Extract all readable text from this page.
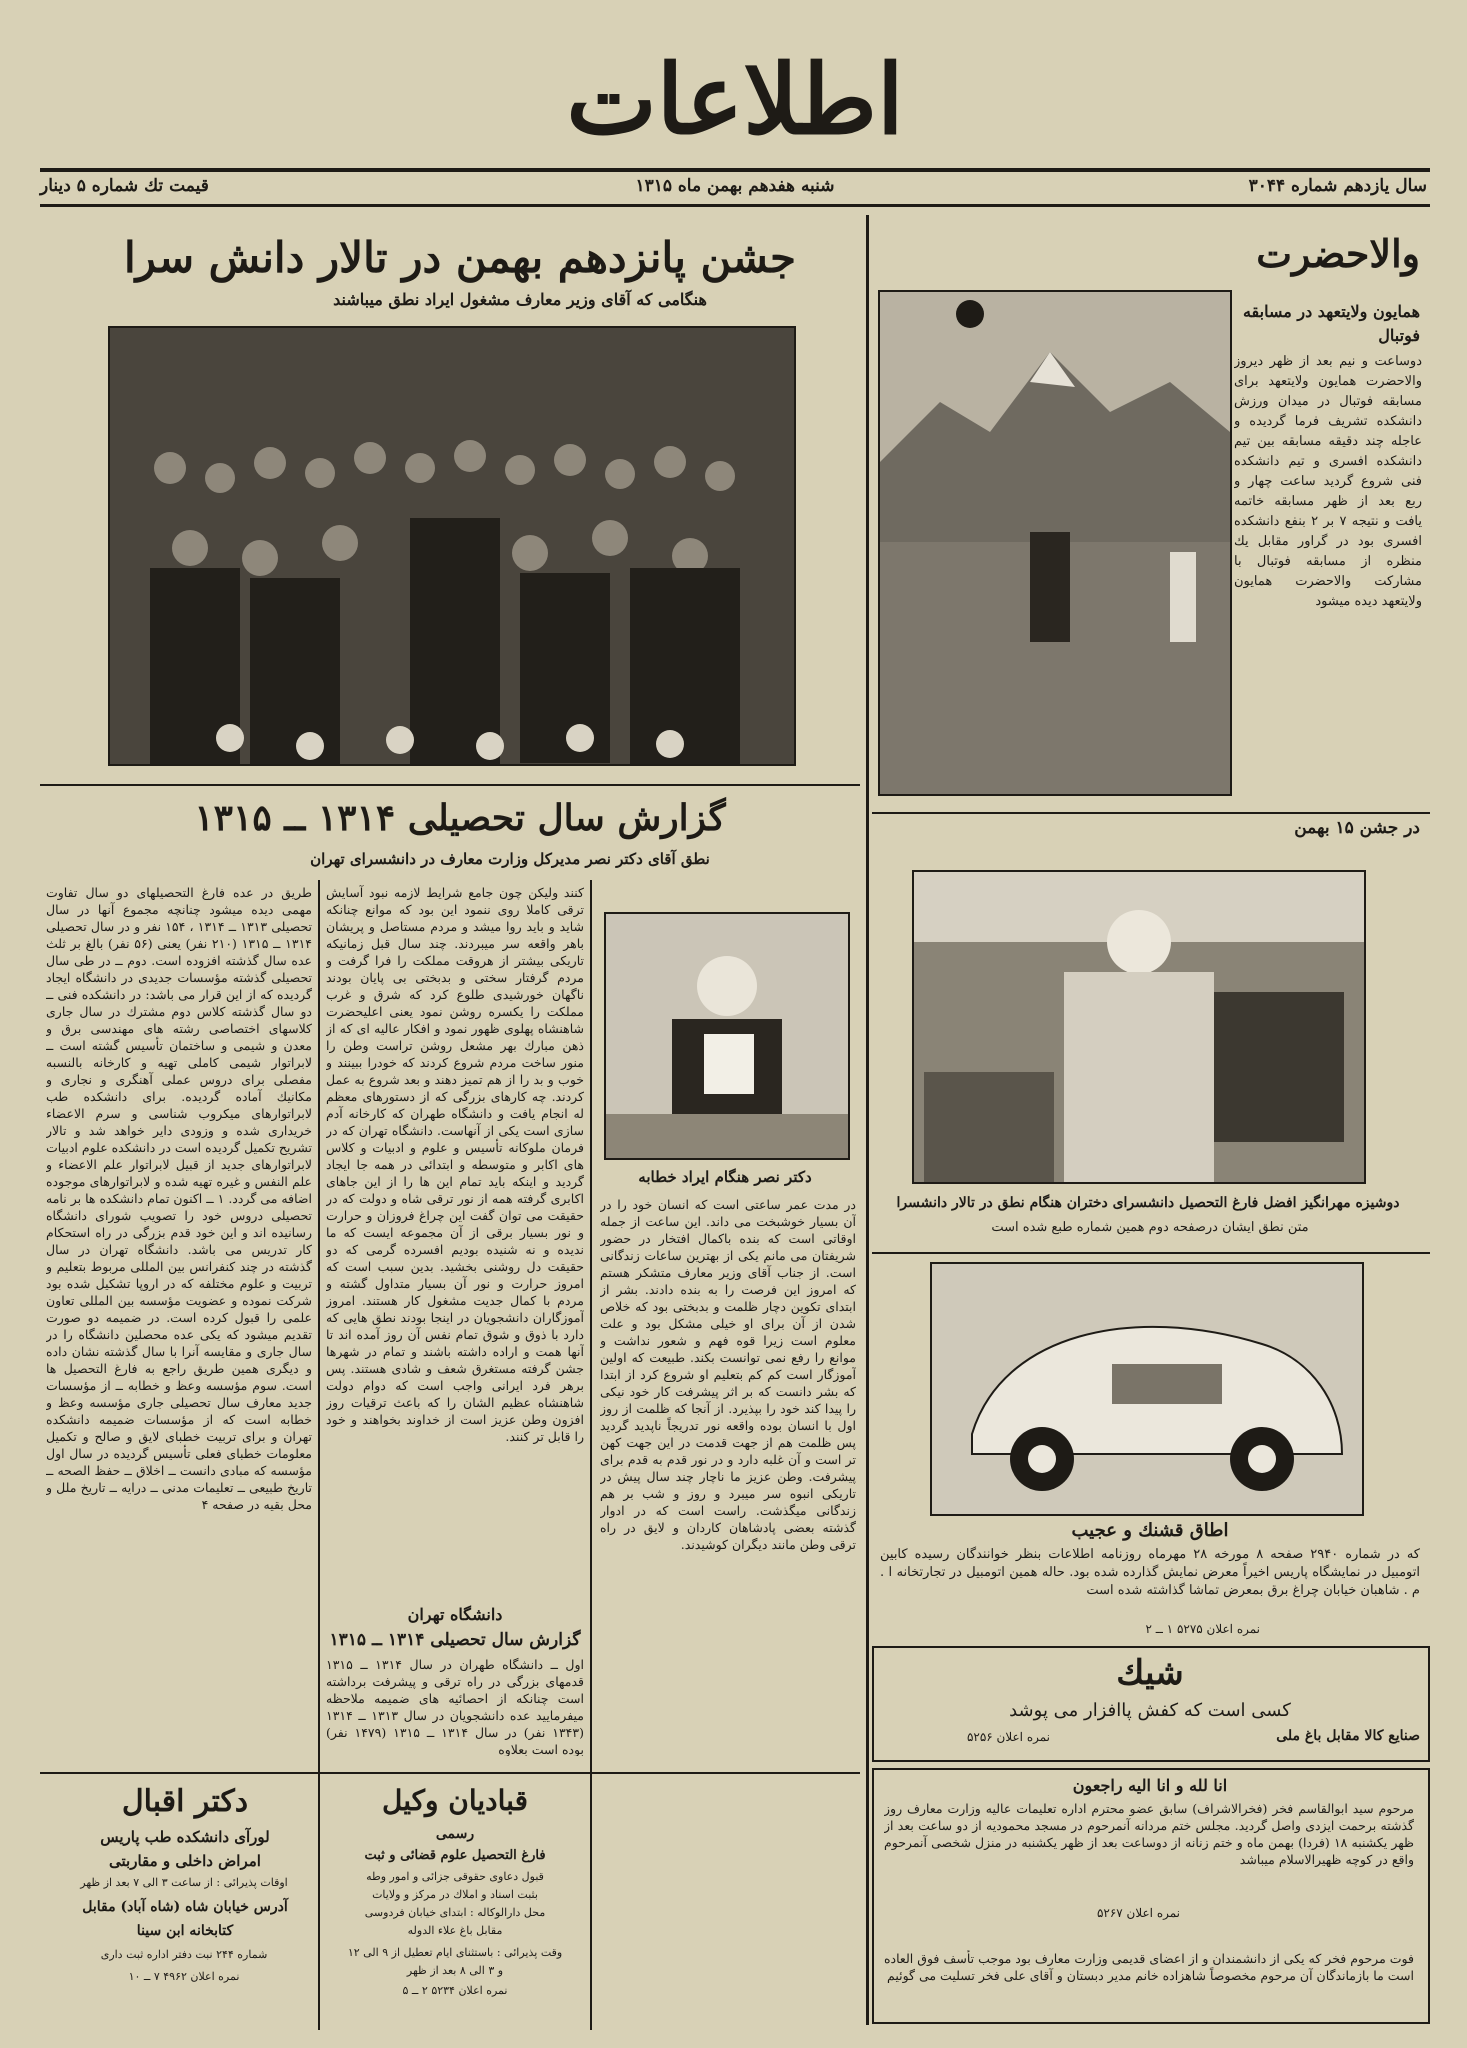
اطلاعات
سال یازدهم شماره ۳۰۴۴
شنبه هفدهم بهمن ماه ۱۳۱۵
قیمت تك شماره ۵ دینار
جشن پانزدهم بهمن در تالار دانش سرا
هنگامی که آقای وزیر معارف مشغول ایراد نطق میباشند
والاحضرت
همایون ولایتعهد در مسابقه فوتبال
دوساعت و نیم بعد از ظهر دیروز والاحضرت همایون ولایتعهد برای مسابقه فوتبال در میدان ورزش دانشکده تشریف فرما گردیده و عاجله چند دقیقه مسابقه بین تیم دانشکده افسری و تیم دانشکده فنی شروع گردید ساعت چهار و ربع بعد از ظهر مسابقه خاتمه یافت و نتیجه ۷ بر ۲ بنفع دانشکده افسری بود در گراور مقابل یك منظره از مسابقه فوتبال با مشارکت والاحضرت همایون ولایتعهد دیده میشود
در جشن ۱۵ بهمن
دوشیزه مهرانگیز افضل فارغ التحصیل دانشسرای دختران هنگام نطق در تالار دانشسرا
متن نطق ایشان درصفحه دوم همین شماره طبع شده است
اطاق قشنك و عجیب
که در شماره ۲۹۴۰ صفحه ۸ مورخه ۲۸ مهرماه روزنامه اطلاعات بنظر خوانندگان رسیده کابین اتومبیل در نمایشگاه پاریس اخیراً معرض نمایش گذارده شده بود. حاله همین اتومبیل در تجارتخانه ا . م . شاهبان خیابان چراغ برق بمعرض تماشا گذاشته شده است
نمره اعلان ۵۲۷۵ ۱ ــ ۲
شیك
کسی است که کفش پاافزار می پوشد
صنایع کالا مقابل باغ ملی
نمره اعلان ۵۲۵۶
انا لله و انا الیه راجعون
مرحوم سید ابوالقاسم فخر (فخرالاشراف) سابق عضو محترم اداره تعلیمات عالیه وزارت معارف روز گذشته برحمت ایزدی واصل گردید. مجلس ختم مردانه آنمرحوم در مسجد محمودیه از دو ساعت بعد از ظهر یکشنبه ۱۸ (فردا) بهمن ماه و ختم زنانه از دوساعت بعد از ظهر یکشنبه در منزل شخصی آنمرحوم واقع در کوچه ظهیرالاسلام میباشد
نمره اعلان ۵۲۶۷
فوت مرحوم فخر که یکی از دانشمندان و از اعضای قدیمی وزارت معارف بود موجب تأسف فوق العاده است ما بازماندگان آن مرحوم مخصوصاً شاهزاده خانم مدیر دبستان و آقای علی فخر تسلیت می گوئیم
گزارش سال تحصیلی ۱۳۱۴ ــ ۱۳۱۵
نطق آقای دکتر نصر مدیرکل وزارت معارف در دانشسرای تهران
طریق در عده فارغ التحصیلهای دو سال تفاوت مهمی دیده میشود چنانچه مجموع آنها در سال تحصیلی ۱۳۱۳ ــ ۱۳۱۴ ، ۱۵۴ نفر و در سال تحصیلی ۱۳۱۴ ــ ۱۳۱۵ (۲۱۰ نفر) یعنی (۵۶ نفر) بالغ بر ثلث عده سال گذشته افزوده است. دوم ــ در طی سال تحصیلی گذشته مؤسسات جدیدی در دانشگاه ایجاد گردیده که از این قرار می باشد: در دانشکده فنی ــ دو سال گذشته کلاس دوم مشترك در سال جاری کلاسهای اختصاصی رشته های مهندسی برق و معدن و شیمی و ساختمان تأسیس گشته است ــ لابراتوار شیمی کاملی تهیه و کارخانه بالنسبه مفصلی برای دروس عملی آهنگری و نجاری و مکانیك آماده گردیده. برای دانشکده طب لابراتوارهای میکروب شناسی و سرم الاعضاء خریداری شده و وزودی دایر خواهد شد و تالار تشریح تکمیل گردیده است در دانشکده علوم ادبیات لابراتوارهای جدید از قبیل لابراتوار علم الاعضاء و علم النفس و غیره تهیه شده و لابراتوارهای موجوده اضافه می گردد. ۱ ــ اکنون تمام دانشکده ها بر نامه تحصیلی دروس خود را تصویب شورای دانشگاه رسانیده اند و این خود قدم بزرگی در راه استحکام کار تدریس می باشد. دانشگاه تهران در سال گذشته در چند کنفرانس بین المللی مربوط بتعلیم و تربیت و علوم مختلفه که در اروپا تشکیل شده بود شرکت نموده و عضویت مؤسسه بین المللی تعاون علمی را قبول کرده است. در ضمیمه دو صورت تقدیم میشود که یکی عده محصلین دانشگاه را در سال جاری و مقایسه آنرا با سال گذشته نشان داده و دیگری همین طریق راجع به فارغ التحصیل ها است. سوم مؤسسه وعظ و خطابه ــ از مؤسسات جدید معارف سال تحصیلی جاری مؤسسه وعظ و خطابه است که از مؤسسات ضمیمه دانشکده تهران و برای تربیت خطبای لایق و صالح و تکمیل معلومات خطبای فعلی تأسیس گردیده در سال اول مؤسسه که مبادی دانست ــ اخلاق ــ حفظ الصحه ــ تاریخ طبیعی ــ تعلیمات مدنی ــ درایه ــ تاریخ ملل و محل بقیه در صفحه ۴
کنند ولیکن چون جامع شرایط لازمه نبود آسایش ترقی کاملا روی ننمود این بود که موانع چنانکه شاید و باید روا میشد و مردم مستاصل و پریشان باهر واقعه سر میبردند. چند سال قبل زمانیکه تاریکی بیشتر از هروقت مملکت را فرا گرفت و مردم گرفتار سختی و بدبختی بی پایان بودند ناگهان خورشیدی طلوع کرد که شرق و غرب مملکت را یکسره روشن نمود یعنی اعلیحضرت شاهنشاه پهلوی ظهور نمود و افکار عالیه ای که از ذهن مبارك بهر مشعل روشن تراست وطن را منور ساخت مردم شروع کردند که خودرا ببینند و خوب و بد را از هم تمیز دهند و بعد شروع به عمل کردند. چه کارهای بزرگی که از دستورهای معظم له انجام یافت و دانشگاه طهران که کارخانه آدم سازی است یکی از آنهاست. دانشگاه تهران که در فرمان ملوکانه تأسیس و علوم و ادبیات و کلاس های اکابر و متوسطه و ابتدائی در همه جا ایجاد گردید و اینکه باید تمام این ها را از این جاهای اکابری گرفته همه از نور ترقی شاه و دولت که در حقیقت می توان گفت این چراغ فروزان و حرارت و نور بسیار برقی از آن مجموعه ایست که ما ندیده و نه شنیده بودیم افسرده گرمی که دو حقیقت دل روشنی بخشید. بدین سبب است که امروز حرارت و نور آن بسیار متداول گشته و مردم با کمال جدیت مشغول کار هستند. امروز آموزگاران دانشجویان در اینجا بودند نطق هایی که دارد با ذوق و شوق تمام نفس آن روز آمده اند تا آنها همت و اراده داشته باشند و تمام در شهرها جشن گرفته مستغرق شعف و شادی هستند. پس برهر فرد ایرانی واجب است که دوام دولت شاهنشاه عظیم الشان را که باعث ترقیات روز افزون وطن عزیز است از خداوند بخواهند و خود را قابل تر کنند.
دانشگاه تهران
گزارش سال تحصیلی ۱۳۱۴ ــ ۱۳۱۵
اول ــ دانشگاه طهران در سال ۱۳۱۴ ــ ۱۳۱۵ قدمهای بزرگی در راه ترقی و پیشرفت برداشته است چنانکه از احصائیه های ضمیمه ملاحظه میفرمایید عده دانشجویان در سال ۱۳۱۳ ــ ۱۳۱۴ (۱۳۴۳ نفر) در سال ۱۳۱۴ ــ ۱۳۱۵ (۱۴۷۹ نفر) بوده است بعلاوه
دکتر نصر هنگام ایراد خطابه
در مدت عمر ساعتی است که انسان خود را در آن بسیار خوشبخت می داند. این ساعت از جمله اوقاتی است که بنده باکمال افتخار در حضور شریفتان می مانم یکی از بهترین ساعات زندگانی است. از جناب آقای وزیر معارف متشکر هستم که امروز این فرصت را به بنده دادند. بشر از ابتدای تکوین دچار ظلمت و بدبختی بود که خلاص شدن از آن برای او خیلی مشکل بود و علت معلوم است زیرا قوه فهم و شعور نداشت و موانع را رفع نمی توانست بکند. طبیعت که اولین آموزگار است کم کم بتعلیم او شروع کرد از ابتدا که بشر دانست که بر اثر پیشرفت کار خود نیکی را پیدا کند خود را بپذیرد. از آنجا که ظلمت از روز اول با انسان بوده واقعه نور تدریجاً ناپدید گردید پس ظلمت هم از جهت قدمت در این جهت کهن تر است و آن غلبه دارد و در نور قدم به قدم برای پیشرفت. وطن عزیز ما ناچار چند سال پیش در تاریکی انبوه سر میبرد و روز و شب بر هم زندگانی میگذشت. راست است که در ادوار گذشته بعضی پادشاهان کاردان و لایق در راه ترقی وطن مانند دیگران کوشیدند.
دکتر اقبال
لورآی دانشکده طب پاریس
امراض داخلی و مقاربتی
اوقات پذیرائی : از ساعت ۳ الی ۷ بعد از ظهر
آدرس خیابان شاه (شاه آباد) مقابل
کتابخانه ابن سینا
شماره ۲۴۴ نبت دفتر اداره ثبت داری
نمره اعلان ۴۹۶۲ ۷ ــ ۱۰
قبادیان وکیل
رسمی
فارغ التحصیل علوم قضائی و ثبت
قبول دعاوی حقوقی جزائی و امور وطه
بثبت اسناد و املاك در مرکز و ولایات
محل دارالوکاله : ابتدای خیابان فردوسی
مقابل باغ علاء الدوله
وقت پذیرائی : باستثنای ایام تعطیل از ۹ الی ۱۲
و ۳ الی ۸ بعد از ظهر
نمره اعلان ۵۲۳۴ ۲ ــ ۵
